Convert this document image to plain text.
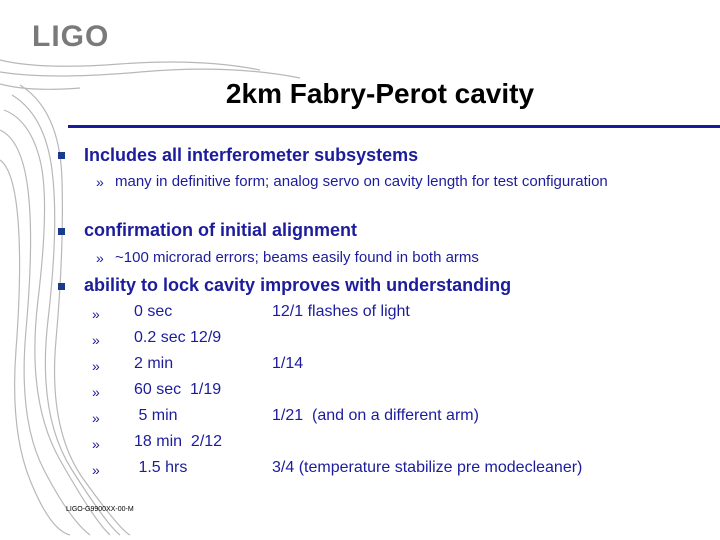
LIGO
2km Fabry-Perot cavity
Includes all interferometer subsystems
» many in definitive form; analog servo on cavity length for test configuration
confirmation of initial alignment
» ~100 microrad errors; beams easily found in both arms
ability to lock cavity improves with understanding
» 0 sec	12/1 flashes of light
» 0.2 sec 12/9
» 2 min	1/14
» 60 sec  1/19
» 5 min	1/21  (and on a different arm)
» 18 min  2/12
» 1.5 hrs	3/4 (temperature stabilize pre modecleaner)
LIGO-G9900XX-00-M
